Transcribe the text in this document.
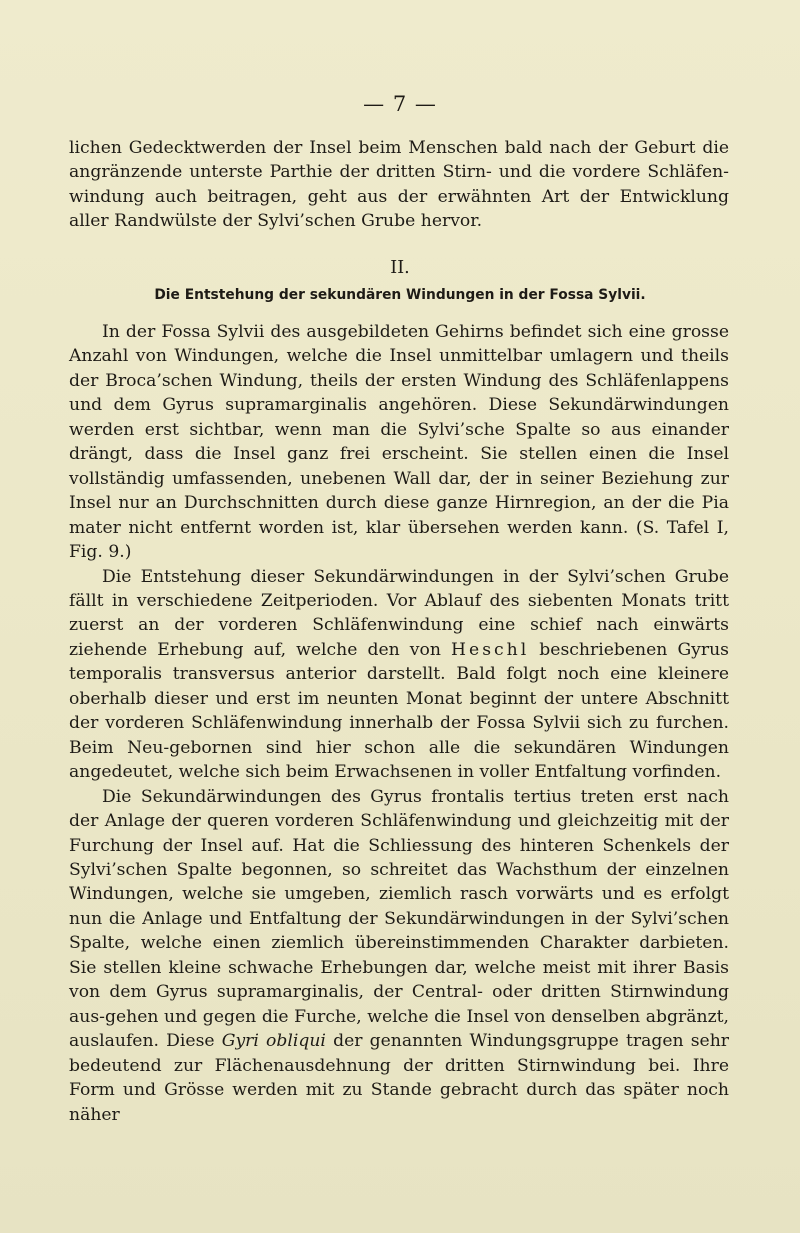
— 7 —

lichen Gedecktwerden der Insel beim Menschen bald nach der Geburt die angränzende unterste Parthie der dritten Stirn- und die vordere Schläfen-windung auch beitragen, geht aus der erwähnten Art der Entwicklung aller Randwülste der Sylvi’schen Grube hervor.

II.
Die Entstehung der sekundären Windungen in der Fossa Sylvii.

In der Fossa Sylvii des ausgebildeten Gehirns befindet sich eine grosse Anzahl von Windungen, welche die Insel unmittelbar umlagern und theils der Broca’schen Windung, theils der ersten Windung des Schläfenlappens und dem Gyrus supramarginalis angehören. Diese Sekundärwindungen werden erst sichtbar, wenn man die Sylvi’sche Spalte so aus einander drängt, dass die Insel ganz frei erscheint. Sie stellen einen die Insel vollständig umfassenden, unebenen Wall dar, der in seiner Beziehung zur Insel nur an Durchschnitten durch diese ganze Hirnregion, an der die Pia mater nicht entfernt worden ist, klar übersehen werden kann. (S. Tafel I, Fig. 9.)

Die Entstehung dieser Sekundärwindungen in der Sylvi’schen Grube fällt in verschiedene Zeitperioden. Vor Ablauf des siebenten Monats tritt zuerst an der vorderen Schläfenwindung eine schief nach einwärts ziehende Erhebung auf, welche den von Heschl beschriebenen Gyrus temporalis transversus anterior darstellt. Bald folgt noch eine kleinere oberhalb dieser und erst im neunten Monat beginnt der untere Abschnitt der vorderen Schläfenwindung innerhalb der Fossa Sylvii sich zu furchen. Beim Neu-gebornen sind hier schon alle die sekundären Windungen angedeutet, welche sich beim Erwachsenen in voller Entfaltung vorfinden.

Die Sekundärwindungen des Gyrus frontalis tertius treten erst nach der Anlage der queren vorderen Schläfenwindung und gleichzeitig mit der Furchung der Insel auf. Hat die Schliessung des hinteren Schenkels der Sylvi’schen Spalte begonnen, so schreitet das Wachsthum der einzelnen Windungen, welche sie umgeben, ziemlich rasch vorwärts und es erfolgt nun die Anlage und Entfaltung der Sekundärwindungen in der Sylvi’schen Spalte, welche einen ziemlich übereinstimmenden Charakter darbieten. Sie stellen kleine schwache Erhebungen dar, welche meist mit ihrer Basis von dem Gyrus supramarginalis, der Central- oder dritten Stirnwindung aus-gehen und gegen die Furche, welche die Insel von denselben abgränzt, auslaufen. Diese Gyri obliqui der genannten Windungsgruppe tragen sehr bedeutend zur Flächenausdehnung der dritten Stirnwindung bei. Ihre Form und Grösse werden mit zu Stande gebracht durch das später noch näher
